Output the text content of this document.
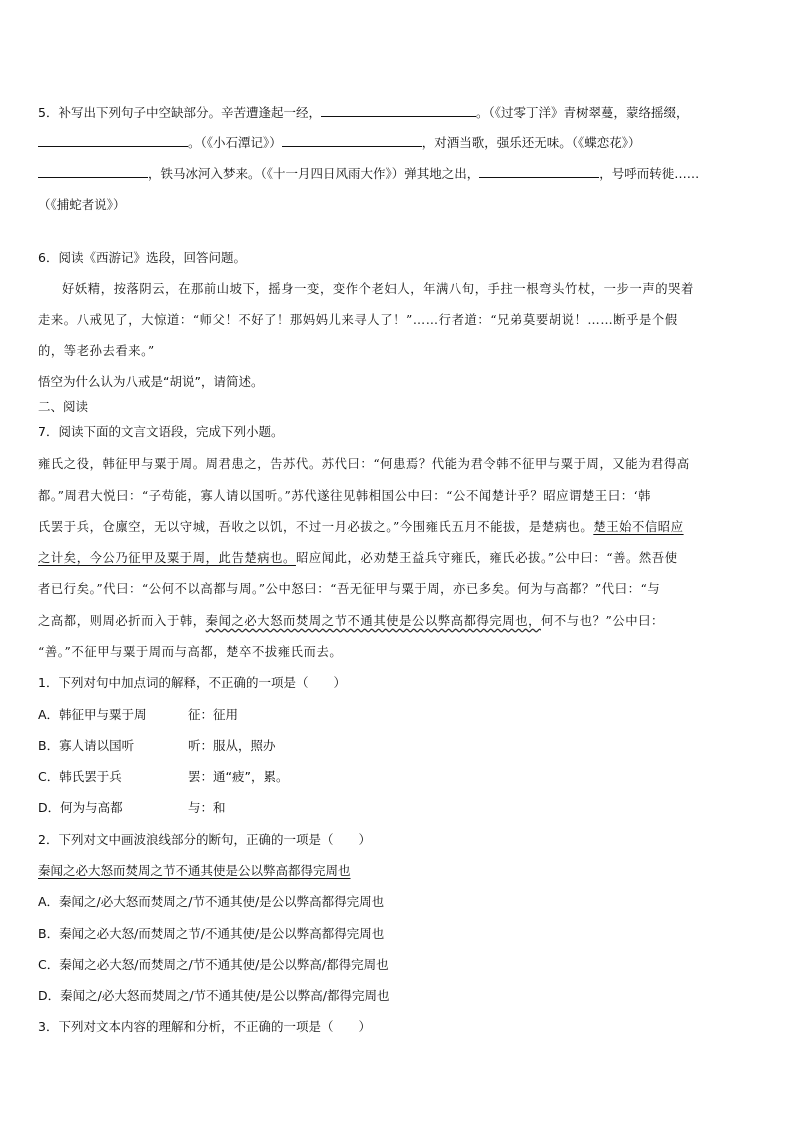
5．补写出下列句子中空缺部分。辛苦遭逢起一经，	。（《过零丁洋》青树翠蔓，蒙络摇缀，
。（《小石潭记》）	，对酒当歌，强乐还无味。（《蝶恋花》）
，铁马冰河入梦来。（《十一月四日风雨大作》）弹其地之出，	，号呼而转徙……
（《捕蛇者说》）
6．阅读《西游记》选段，回答问题。
好妖精，按落阴云，在那前山坡下，摇身一变，变作个老妇人，年满八旬，手拄一根弯头竹杖，一步一声的哭着
走来。八戒见了，大惊道：“师父！不好了！那妈妈儿来寻人了！”……行者道：“兄弟莫要胡说！……断乎是个假
的，等老孙去看来。”
悟空为什么认为八戒是“胡说”，请简述。
二、阅读
7．阅读下面的文言文语段，完成下列小题。
雍氏之役，韩征甲与粟于周。周君患之，告苏代。苏代曰：“何患焉？代能为君令韩不征甲与粟于周，又能为君得高
都。”周君大悦曰：“子苟能，寡人请以国听。”苏代遂往见韩相国公中曰：“公不闻楚计乎？昭应谓楚王曰：‘韩
氏罢于兵，仓廪空，无以守城，吾收之以饥，不过一月必拔之。”今围雍氏五月不能拔，是楚病也。楚王始不信昭应
之计矣，今公乃征甲及粟于周，此告楚病也。昭应闻此，必劝楚王益兵守雍氏，雍氏必拔。”公中曰：“善。然吾使
者已行矣。”代曰：“公何不以高都与周。”公中怒曰：“吾无征甲与粟于周，亦已多矣。何为与高都？”代曰：“与
之高都，则周必折而入于韩，秦闻之必大怒而焚周之节不通其使是公以弊高都得完周也，何不与也？”公中曰：
“善。”不征甲与粟于周而与高都，楚卒不拔雍氏而去。
1．下列对句中加点词的解释，不正确的一项是（　　）
A．韩征甲与粟于周	征：征用
B．寡人请以国听	听：服从，照办
C．韩氏罢于兵	罢：通“疲”，累。
D．何为与高都	与：和
2．下列对文中画波浪线部分的断句，正确的一项是（　　）
秦闻之必大怒而焚周之节不通其使是公以弊高都得完周也
A．秦闻之/必大怒而焚周之/节不通其使/是公以弊高都得完周也
B．秦闻之必大怒/而焚周之节/不通其使/是公以弊高都得完周也
C．秦闻之必大怒/而焚周之/节不通其使/是公以弊高/都得完周也
D．秦闻之/必大怒而焚周之/节不通其使/是公以弊高/都得完周也
3．下列对文本内容的理解和分析，不正确的一项是（　　）
